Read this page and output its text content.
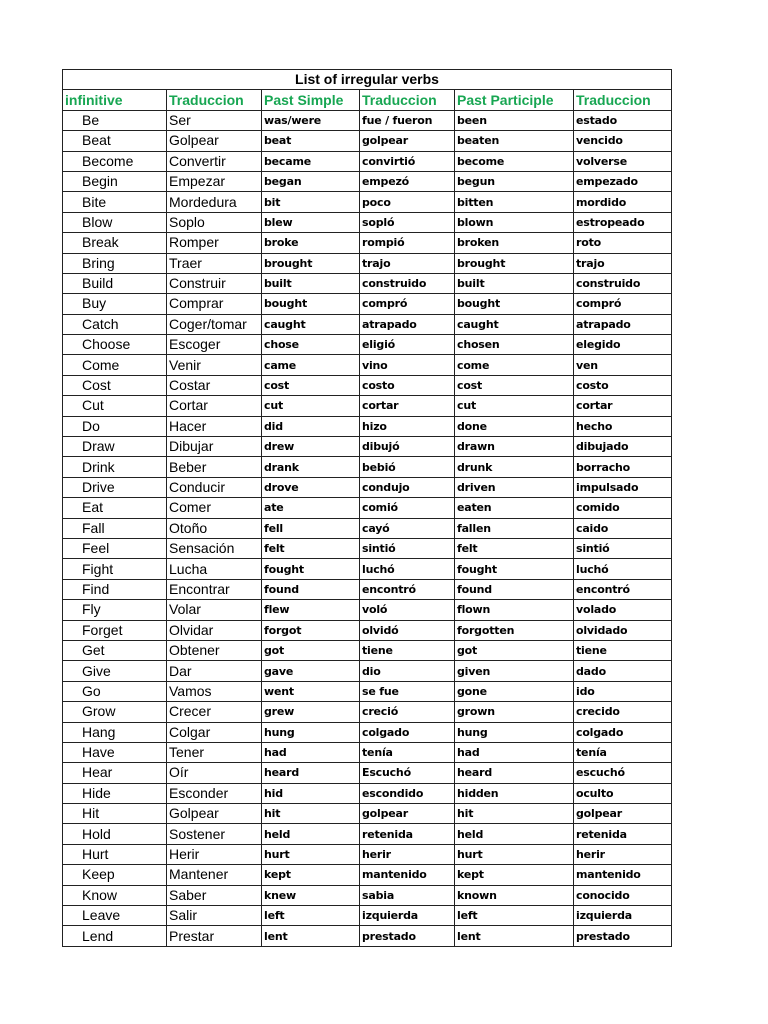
List of irregular verbs					
infinitive	Traduccion	Past Simple	Traduccion	Past Participle	Traduccion
Be	Ser	was/were	fue / fueron	been	estado
Beat	Golpear	beat	golpear	beaten	vencido
Become	Convertir	became	convirtió	become	volverse
Begin	Empezar	began	empezó	begun	empezado
Bite	Mordedura	bit	poco	bitten	mordido
Blow	Soplo	blew	sopló	blown	estropeado
Break	Romper	broke	rompió	broken	roto
Bring	Traer	brought	trajo	brought	trajo
Build	Construir	built	construido	built	construido
Buy	Comprar	bought	compró	bought	compró
Catch	Coger/tomar	caught	atrapado	caught	atrapado
Choose	Escoger	chose	eligió	chosen	elegido
Come	Venir	came	vino	come	ven
Cost	Costar	cost	costo	cost	costo
Cut	Cortar	cut	cortar	cut	cortar
Do	Hacer	did	hizo	done	hecho
Draw	Dibujar	drew	dibujó	drawn	dibujado
Drink	Beber	drank	bebió	drunk	borracho
Drive	Conducir	drove	condujo	driven	impulsado
Eat	Comer	ate	comió	eaten	comido
Fall	Otoño	fell	cayó	fallen	caido
Feel	Sensación	felt	sintió	felt	sintió
Fight	Lucha	fought	luchó	fought	luchó
Find	Encontrar	found	encontró	found	encontró
Fly	Volar	flew	voló	flown	volado
Forget	Olvidar	forgot	olvidó	forgotten	olvidado
Get	Obtener	got	tiene	got	tiene
Give	Dar	gave	dio	given	dado
Go	Vamos	went	se fue	gone	ido
Grow	Crecer	grew	creció	grown	crecido
Hang	Colgar	hung	colgado	hung	colgado
Have	Tener	had	tenía	had	tenía
Hear	Oír	heard	Escuchó	heard	escuchó
Hide	Esconder	hid	escondido	hidden	oculto
Hit	Golpear	hit	golpear	hit	golpear
Hold	Sostener	held	retenida	held	retenida
Hurt	Herir	hurt	herir	hurt	herir
Keep	Mantener	kept	mantenido	kept	mantenido
Know	Saber	knew	sabia	known	conocido
Leave	Salir	left	izquierda	left	izquierda
Lend	Prestar	lent	prestado	lent	prestado
